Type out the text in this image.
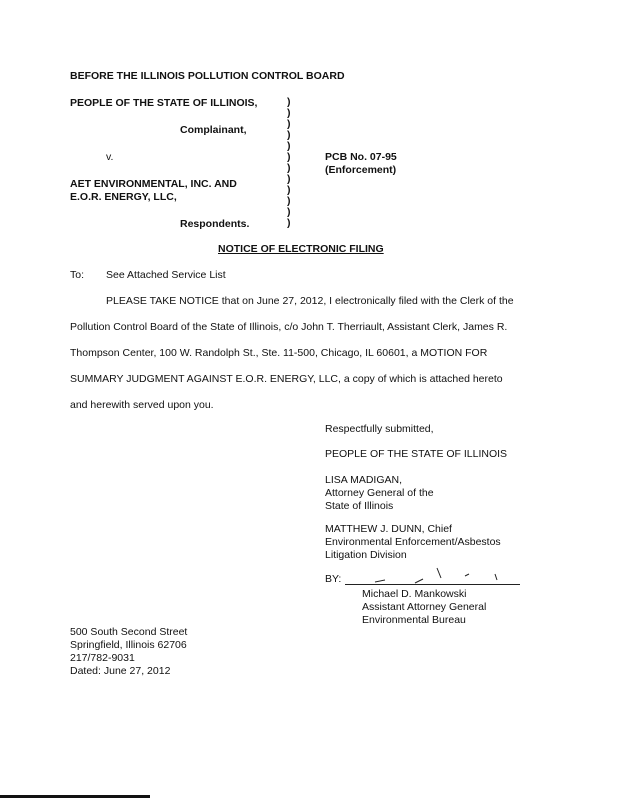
BEFORE THE ILLINOIS POLLUTION CONTROL BOARD
PEOPLE OF THE STATE OF ILLINOIS,
Complainant,
v.
AET ENVIRONMENTAL, INC. AND
E.O.R. ENERGY, LLC,
Respondents.
)
)
)
)
)
)
)
)
)
)
)
)
PCB No. 07-95
(Enforcement)
NOTICE OF ELECTRONIC FILING
To: See Attached Service List
PLEASE TAKE NOTICE that on June 27, 2012, I electronically filed with the Clerk of the
Pollution Control Board of the State of Illinois, c/o John T. Therriault, Assistant Clerk, James R.
Thompson Center, 100 W. Randolph St., Ste. 11-500, Chicago, IL 60601, a MOTION FOR
SUMMARY JUDGMENT AGAINST E.O.R. ENERGY, LLC, a copy of which is attached hereto
and herewith served upon you.
Respectfully submitted,
PEOPLE OF THE STATE OF ILLINOIS
LISA MADIGAN,
Attorney General of the
State of Illinois
MATTHEW J. DUNN, Chief
Environmental Enforcement/Asbestos
Litigation Division
BY:
Michael D. Mankowski
Assistant Attorney General
Environmental Bureau
500 South Second Street
Springfield, Illinois 62706
217/782-9031
Dated: June 27, 2012
